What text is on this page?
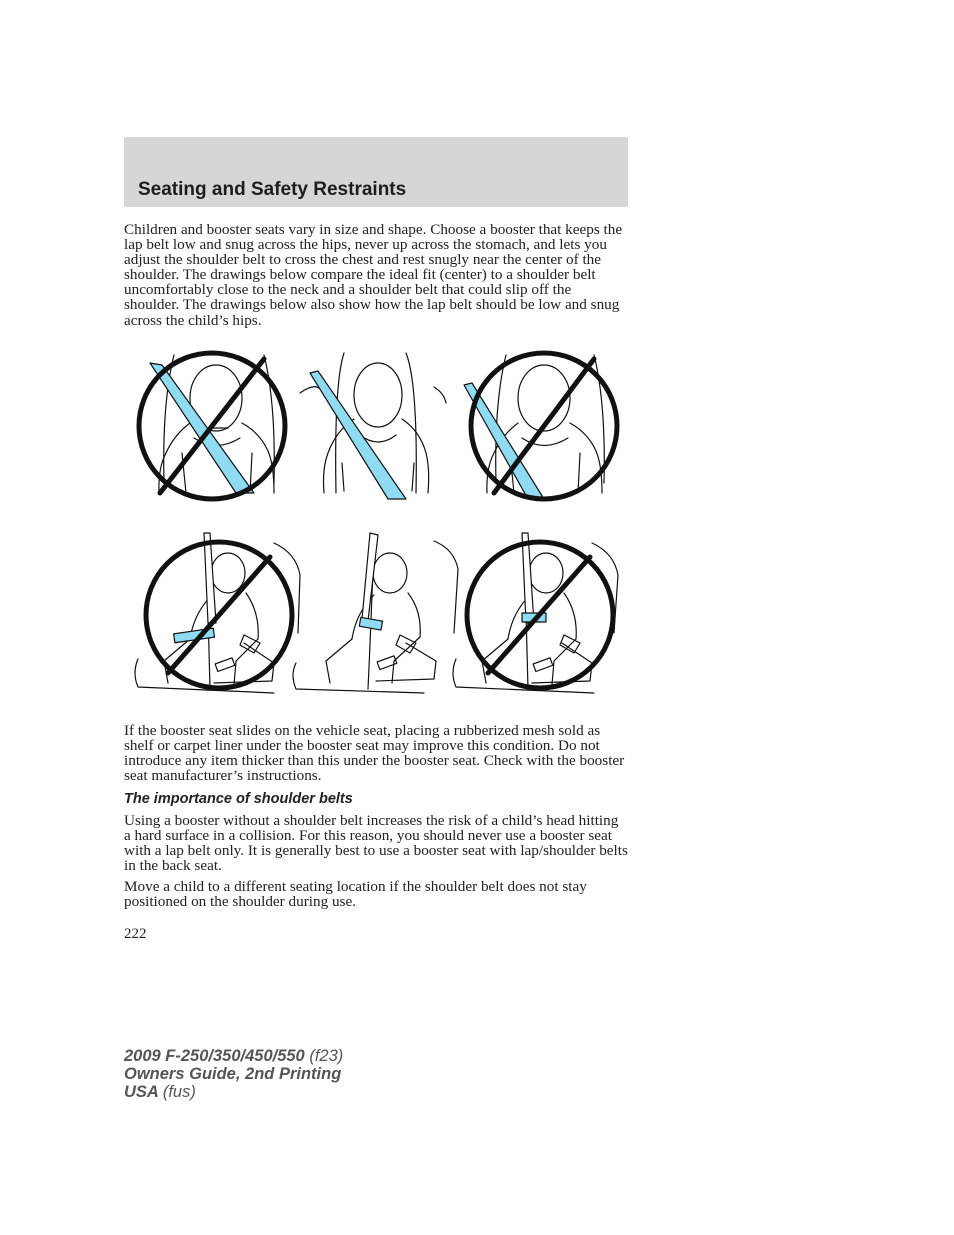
Seating and Safety Restraints

Children and booster seats vary in size and shape. Choose a booster that keeps the lap belt low and snug across the hips, never up across the stomach, and lets you adjust the shoulder belt to cross the chest and rest snugly near the center of the shoulder. The drawings below compare the ideal fit (center) to a shoulder belt uncomfortably close to the neck and a shoulder belt that could slip off the shoulder. The drawings below also show how the lap belt should be low and snug across the child’s hips.

If the booster seat slides on the vehicle seat, placing a rubberized mesh sold as shelf or carpet liner under the booster seat may improve this condition. Do not introduce any item thicker than this under the booster seat. Check with the booster seat manufacturer’s instructions.

The importance of shoulder belts

Using a booster without a shoulder belt increases the risk of a child’s head hitting a hard surface in a collision. For this reason, you should never use a booster seat with a lap belt only. It is generally best to use a booster seat with lap/shoulder belts in the back seat.

Move a child to a different seating location if the shoulder belt does not stay positioned on the shoulder during use.

222
2009 F-250/350/450/550 (f23)
Owners Guide, 2nd Printing
USA (fus)
